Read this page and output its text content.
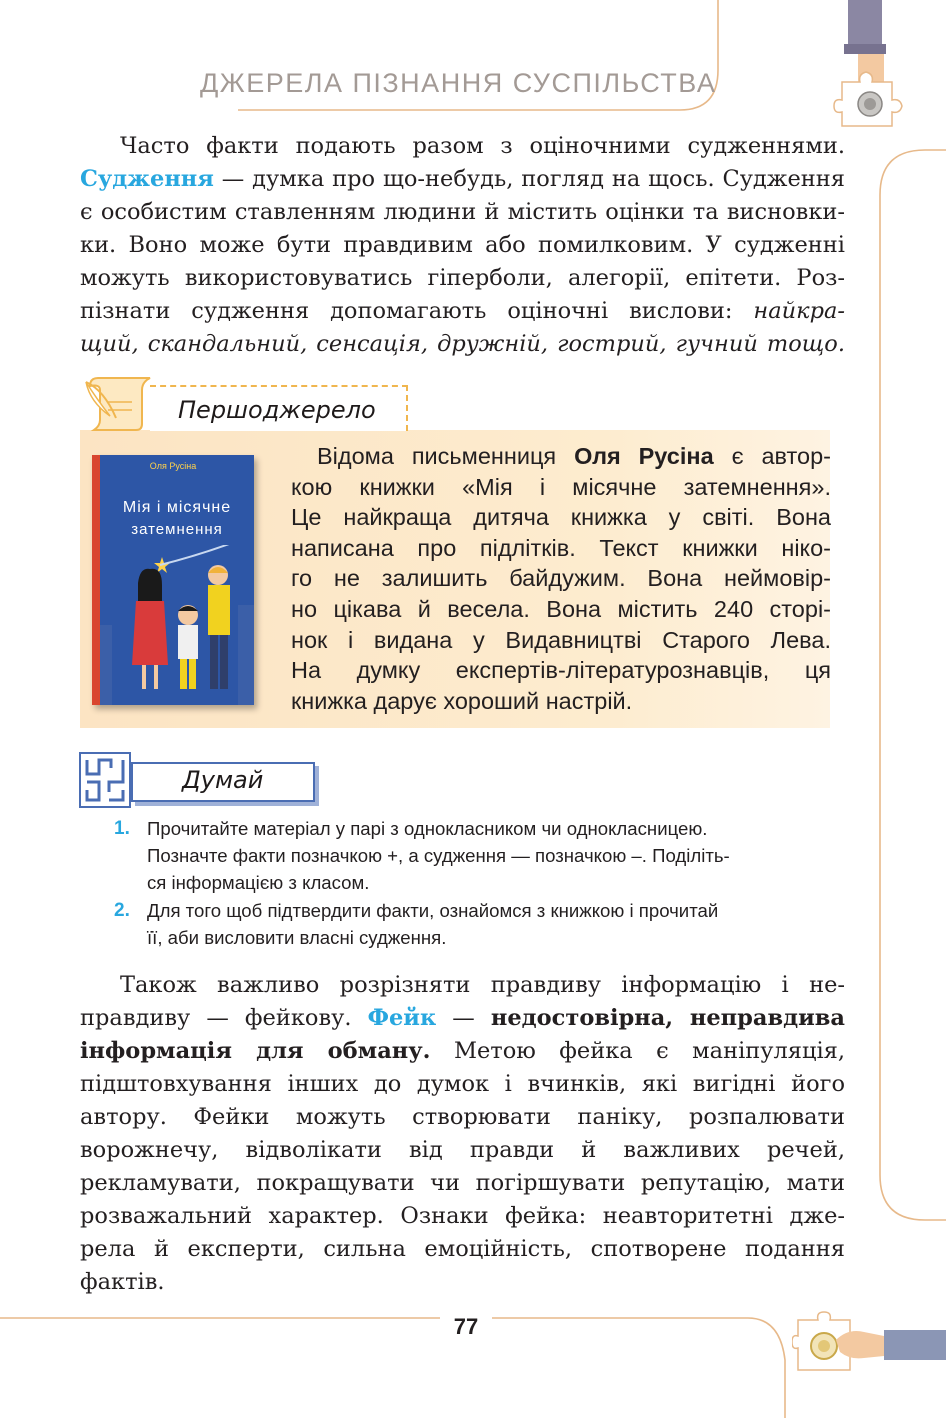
ДЖЕРЕЛА ПІЗНАННЯ СУСПІЛЬСТВА
Часто факти подають разом з оціночними судженнями.
Судження — думка про що-небудь, погляд на щось. Судження
є особистим ставленням людини й містить оцінки та висновки-
ки. Воно може бути правдивим або помилковим. У судженні
можуть використовуватись гіперболи, алегорії, епітети. Роз-
пізнати судження допомагають оціночні вислови: найкра-
щий, скандальний, сенсація, дружній, гострий, гучний тощо.
Першоджерело
Оля Русіна
Мія і місячне
затемнення
Відома письменниця Оля Русіна є автор-
кою книжки «Мія і місячне затемнення».
Це найкраща дитяча книжка у світі. Вона
написана про підлітків. Текст книжки ніко-
го не залишить байдужим. Вона неймовір-
но цікава й весела. Вона містить 240 сторі-
нок і видана у Видавництві Старого Лева.
На думку експертів-літературознавців, ця
книжка дарує хороший настрій.
Думай
1. Прочитайте матеріал у парі з однокласником чи однокласницею.
Позначте факти позначкою +, а судження — позначкою –. Поділіть-
ся інформацією з класом.
2. Для того щоб підтвердити факти, ознайомся з книжкою і прочитай
її, аби висловити власні судження.
Також важливо розрізняти правдиву інформацію і не-
правдиву — фейкову. Фейк — недостовірна, неправдива
інформація для обману. Метою фейка є маніпуляція,
підштовхування інших до думок і вчинків, які вигідні його
автору. Фейки можуть створювати паніку, розпалювати
ворожнечу, відволікати від правди й важливих речей,
рекламувати, покращувати чи погіршувати репутацію, мати
розважальний характер. Ознаки фейка: неавторитетні дже-
рела й експерти, сильна емоційність, спотворене подання
фактів.
77
